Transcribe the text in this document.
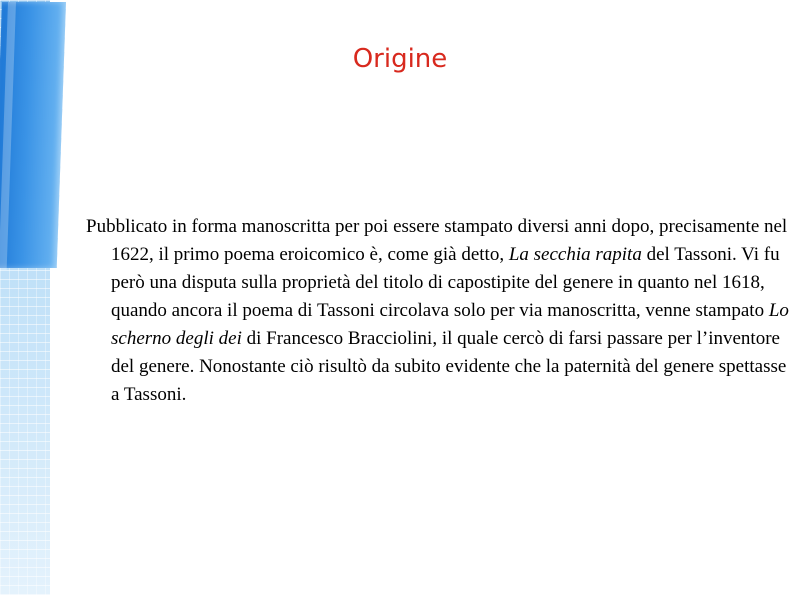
Origine

Pubblicato in forma manoscritta per poi essere stampato diversi anni dopo, precisamente nel 1622, il primo poema eroicomico è, come già detto, La secchia rapita del Tassoni. Vi fu però una disputa sulla proprietà del titolo di capostipite del genere in quanto nel 1618, quando ancora il poema di Tassoni circolava solo per via manoscritta, venne stampato Lo scherno degli dei di Francesco Bracciolini, il quale cercò di farsi passare per l’inventore del genere. Nonostante ciò risultò da subito evidente che la paternità del genere spettasse a Tassoni.
